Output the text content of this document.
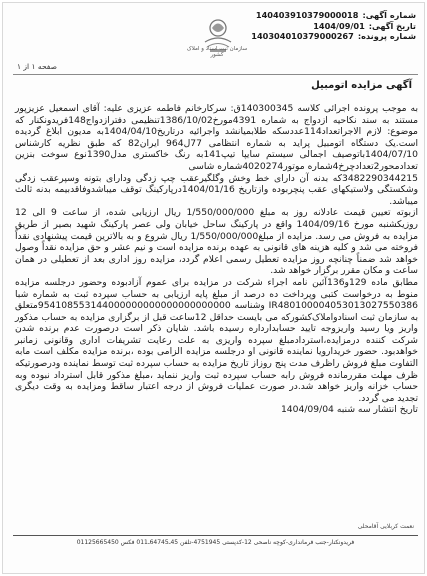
شماره آگهی:
140403910379000018
تاریخ آگهی:
1404/09/01
شماره پرونده:
140304010379000267
سازمان ثبت اسناد و املاک کشور
صفحه ۱ از ۱
آگهی مزایده اتومبیل

به موجب پرونده اجرائی کلاسه 140300345ق: سرکارخانم فاطمه عزیزی علیه: آقای اسمعیل عزیزپور مستند به سند نکاحیه ازدواج به شماره 4391مورخ1386/10/02تنظیمی دفترازدواج148فریدونکنار که موضوع: لازم الاجراتعداد114عددسکه طلابمیانشد واجرائیه درتاریخ1404/04/10به مدیون ابلاغ گردیده است.یک دستگاه اتومبیل پراید به شماره انتظامی 77ل964 ایران82 که طبق نظریه کارشناس 1404/07/10باتوصیف اجمالی سیستم سایپا تیپ141به رنگ خاکستری مدل1390نوع سوخت بنزین تعدادمحور2تعدادچرخ4شماره موتور4020274شماره شاسی

3482290344215که بدنه آن دارای خط وخش وگلگیرعقب چپ زدگی ودارای بتونه وسپرعقب زدگی وشکستگی ولاستیکهای عقب پنچربوده وازتاریخ 1404/01/16درپارکینگ توقف میباشدوفاقدبیمه بدنه ثالث میباشد.

ازبوته تعیین قیمت عادلانه روز به مبلغ 1/550/000/000 ریال ارزیابی شده، از ساعت 9 الی 12 روزیکشنبه مورخ 1404/09/16 واقع در پارکینگ ساحل خیابان ولی عصر پارکینگ شهید بصیر از طریق مزایده به فروش می رسد. مزایده از مبلغ1/550/000/000 ریال شروع و به بالاترین قیمت پیشنهادی نقداً فروخته می شد و کلیه هزینه های قانونی به عهده برنده مزایده است و نیم عشر و حق مزایده نقداً وصول خواهد شد ضمناً چنانچه روز مزایده تعطیل رسمی اعلام گردد، مزایده روز اداری بعد از تعطیلی در همان ساعت و مکان مقرر برگزار خواهد شد.

مطابق ماده 129و136آئین نامه اجراء شرکت در مزایده برای عموم آزادبوده وحضور درجلسه مزایده منوط به درخواست کتبی وپرداخت ده درصد از مبلغ پایه ارزیابی به حساب سپرده ثبت به شماره شبا IR480100004053013027550386 وشناسه 954108553144000000000000000000000متعلق به سازمان ثبت اسنادواملاک‌کشورکه می بایست حداقل 12ساعت قبل از برگزاری مزایده به حساب مذکور واریز ویا رسید واریزوجه تایید حسابدارداره رسیده باشد. شایان ذکر است درصورت عدم برنده شدن شرکت کننده درمزایده،استردادمبلغ سپرده واریزی به علت رعایت تشریفات اداری وقانونی زمانبر خواهدبود. حضور خریدارویا نماینده قانونی او درجلسه مزایده الزامی بوده ،برنده مزایده مکلف است مابه التفاوت مبلغ فروش راظرف مدت پنج روزاز تاریخ مزایده به حساب سپرده ثبت توسط نماینده ودرصورتیکه ظرف مهلت مقررمانده فروش رابه حساب سپرده ثبت واریز ننماید ،مبلغ مذکور قابل استرداد نبوده وبه حساب خزانه واریز خواهد شد.در صورت عملیات فروش از درجه اعتبار ساقط ومزایده به وقت دیگری تجدید می گردد.

تاریخ انتشار سه شنبه 1404/09/04

نعمت کربلایی آقامحلی
فریدونکنار-جنب فرمانداری-کوچه ناصحی 12-کدپستی 4751945-تلفن 45ـ64745ـ011 فکس 01125665450
